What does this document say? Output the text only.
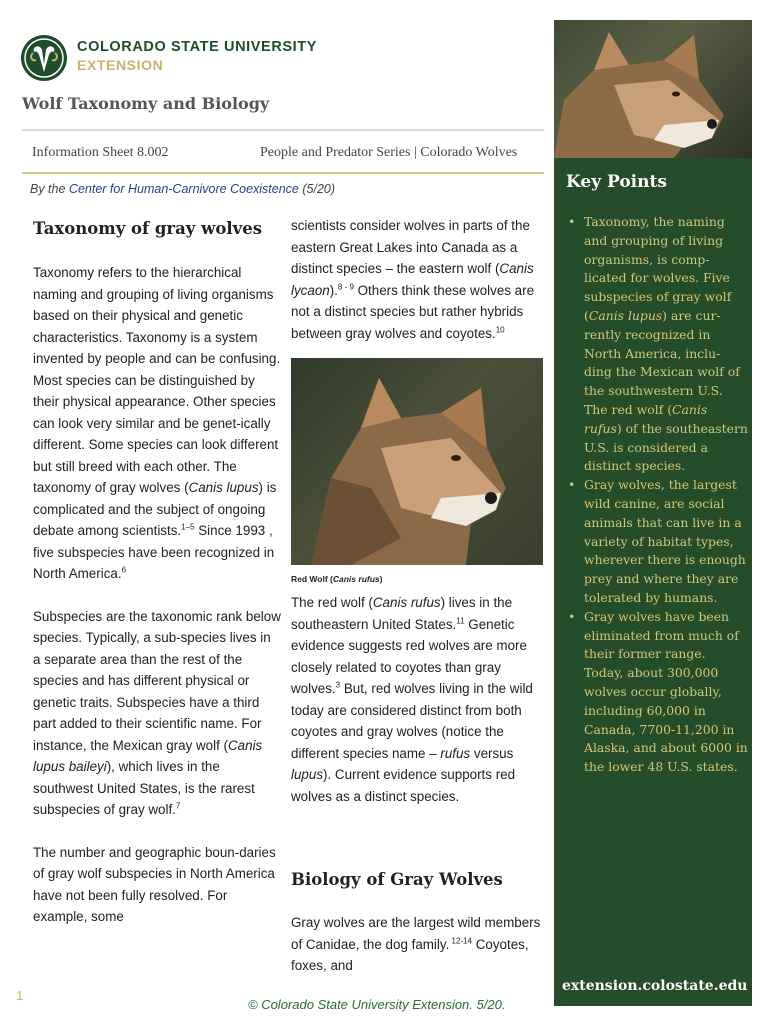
COLORADO STATE UNIVERSITY
EXTENSION
Wolf Taxonomy and Biology
Information Sheet 8.002	People and Predator Series | Colorado Wolves
By the Center for Human-Carnivore Coexistence (5/20)
Taxonomy of gray wolves

Taxonomy refers to the hierarchical naming and grouping of living organisms based on their physical and genetic characteristics. Taxonomy is a system invented by people and can be confusing. Most species can be distinguished by their physical appearance. Other species can look very similar and be genet-ically different. Some species can look different but still breed with each other. The taxonomy of gray wolves (Canis lupus) is complicated and the subject of ongoing debate among scientists.$^{1-5}$ Since 1993 , five subspecies have been recognized in North America.$^6$

Subspecies are the taxonomic rank below species. Typically, a sub-species lives in a separate area than the rest of the species and has different physical or genetic traits. Subspecies have a third part added to their scientific name. For instance, the Mexican gray wolf (Canis lupus baileyi), which lives in the southwest United States, is the rarest subspecies of gray wolf.$^7$

The number and geographic boun-daries of gray wolf subspecies in North America have not been fully resolved. For example, some

scientists consider wolves in parts of the eastern Great Lakes into Canada as a distinct species – the eastern wolf (Canis lycaon).$^{8 - 9}$ Others think these wolves are not a distinct species but rather hybrids between gray wolves and coyotes.$^{10}$

Red Wolf (Canis rufus)

The red wolf (Canis rufus) lives in the southeastern United States.$^{11}$ Genetic evidence suggests red wolves are more closely related to coyotes than gray wolves.$^3$ But, red wolves living in the wild today are considered distinct from both coyotes and gray wolves (notice the different species name – rufus versus lupus). Current evidence supports red wolves as a distinct species.

Biology of Gray Wolves

Gray wolves are the largest wild members of Canidae, the dog family. $^{12-14}$ Coyotes, foxes, and

Key Points
• Taxonomy, the naming and grouping of living organisms, is comp-licated for wolves. Five subspecies of gray wolf (Canis lupus) are cur-rently recognized in North America, inclu-ding the Mexican wolf of the southwestern U.S. The red wolf (Canis rufus) of the southeastern U.S. is considered a distinct species.
• Gray wolves, the largest wild canine, are social animals that can live in a variety of habitat types, wherever there is enough prey and where they are tolerated by humans.
• Gray wolves have been eliminated from much of their former range. Today, about 300,000 wolves occur globally, including 60,000 in Canada, 7700-11,200 in Alaska, and about 6000 in the lower 48 U.S. states.
extension.colostate.edu
1
© Colorado State University Extension. 5/20.
